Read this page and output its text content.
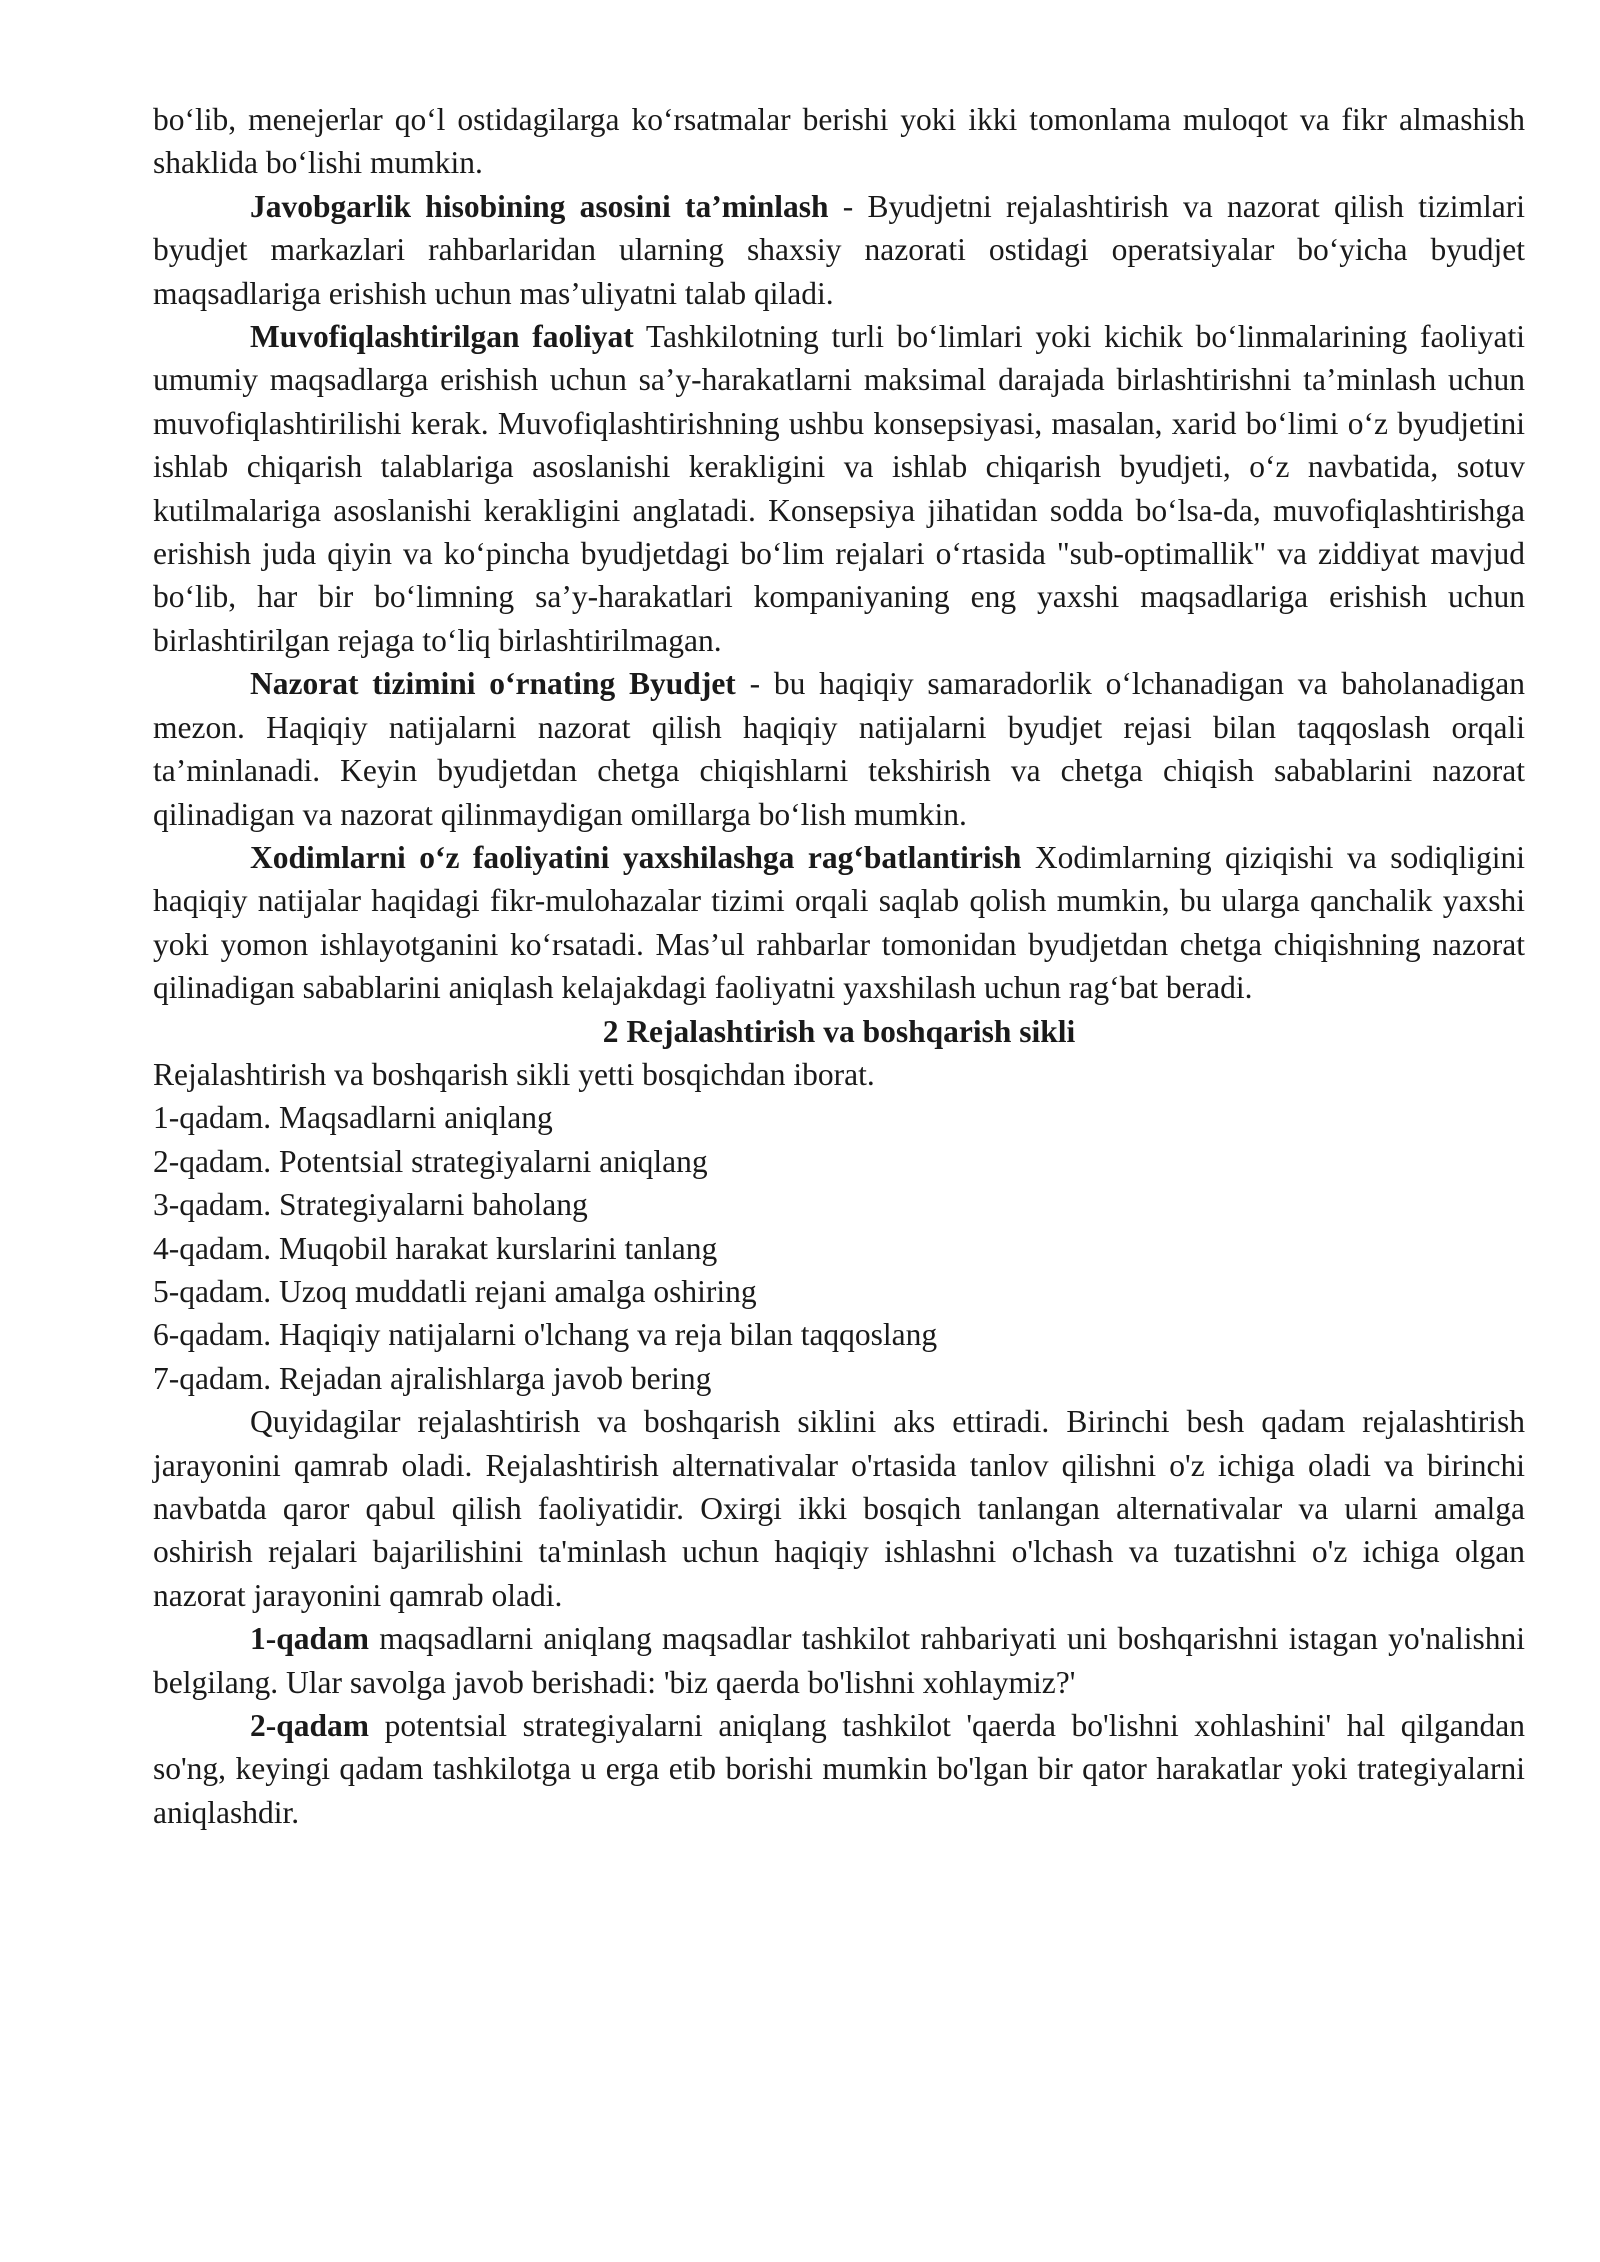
bo‘lib, menejerlar qo‘l ostidagilarga ko‘rsatmalar berishi yoki ikki tomonlama muloqot va fikr almashish shaklida bo‘lishi mumkin.

Javobgarlik hisobining asosini ta’minlash - Byudjetni rejalashtirish va nazorat qilish tizimlari byudjet markazlari rahbarlaridan ularning shaxsiy nazorati ostidagi operatsiyalar bo‘yicha byudjet maqsadlariga erishish uchun mas’uliyatni talab qiladi.

Muvofiqlashtirilgan faoliyat Tashkilotning turli bo‘limlari yoki kichik bo‘linmalarining faoliyati umumiy maqsadlarga erishish uchun sa’y-harakatlarni maksimal darajada birlashtirishni ta’minlash uchun muvofiqlashtirilishi kerak. Muvofiqlashtirishning ushbu konsepsiyasi, masalan, xarid bo‘limi o‘z byudjetini ishlab chiqarish talablariga asoslanishi kerakligini va ishlab chiqarish byudjeti, o‘z navbatida, sotuv kutilmalariga asoslanishi kerakligini anglatadi. Konsepsiya jihatidan sodda bo‘lsa-da, muvofiqlashtirishga erishish juda qiyin va ko‘pincha byudjetdagi bo‘lim rejalari o‘rtasida "sub-optimallik" va ziddiyat mavjud bo‘lib, har bir bo‘limning sa’y-harakatlari kompaniyaning eng yaxshi maqsadlariga erishish uchun birlashtirilgan rejaga to‘liq birlashtirilmagan.

Nazorat tizimini o‘rnating Byudjet - bu haqiqiy samaradorlik o‘lchanadigan va baholanadigan mezon. Haqiqiy natijalarni nazorat qilish haqiqiy natijalarni byudjet rejasi bilan taqqoslash orqali ta’minlanadi. Keyin byudjetdan chetga chiqishlarni tekshirish va chetga chiqish sabablarini nazorat qilinadigan va nazorat qilinmaydigan omillarga bo‘lish mumkin.

Xodimlarni o‘z faoliyatini yaxshilashga rag‘batlantirish Xodimlarning qiziqishi va sodiqligini haqiqiy natijalar haqidagi fikr-mulohazalar tizimi orqali saqlab qolish mumkin, bu ularga qanchalik yaxshi yoki yomon ishlayotganini ko‘rsatadi. Mas’ul rahbarlar tomonidan byudjetdan chetga chiqishning nazorat qilinadigan sabablarini aniqlash kelajakdagi faoliyatni yaxshilash uchun rag‘bat beradi.

2 Rejalashtirish va boshqarish sikli

Rejalashtirish va boshqarish sikli yetti bosqichdan iborat.

1-qadam. Maqsadlarni aniqlang

2-qadam. Potentsial strategiyalarni aniqlang

3-qadam. Strategiyalarni baholang

4-qadam. Muqobil harakat kurslarini tanlang

5-qadam. Uzoq muddatli rejani amalga oshiring

6-qadam. Haqiqiy natijalarni o'lchang va reja bilan taqqoslang

7-qadam. Rejadan ajralishlarga javob bering

Quyidagilar rejalashtirish va boshqarish siklini aks ettiradi. Birinchi besh qadam rejalashtirish jarayonini qamrab oladi. Rejalashtirish alternativalar o'rtasida tanlov qilishni o'z ichiga oladi va birinchi navbatda qaror qabul qilish faoliyatidir. Oxirgi ikki bosqich tanlangan alternativalar va ularni amalga oshirish rejalari bajarilishini ta'minlash uchun haqiqiy ishlashni o'lchash va tuzatishni o'z ichiga olgan nazorat jarayonini qamrab oladi.

1-qadam maqsadlarni aniqlang maqsadlar tashkilot rahbariyati uni boshqarishni istagan yo'nalishni belgilang. Ular savolga javob berishadi: 'biz qaerda bo'lishni xohlaymiz?'

2-qadam potentsial strategiyalarni aniqlang tashkilot 'qaerda bo'lishni xohlashini' hal qilgandan so'ng, keyingi qadam tashkilotga u erga etib borishi mumkin bo'lgan bir qator harakatlar yoki trategiyalarni aniqlashdir.
